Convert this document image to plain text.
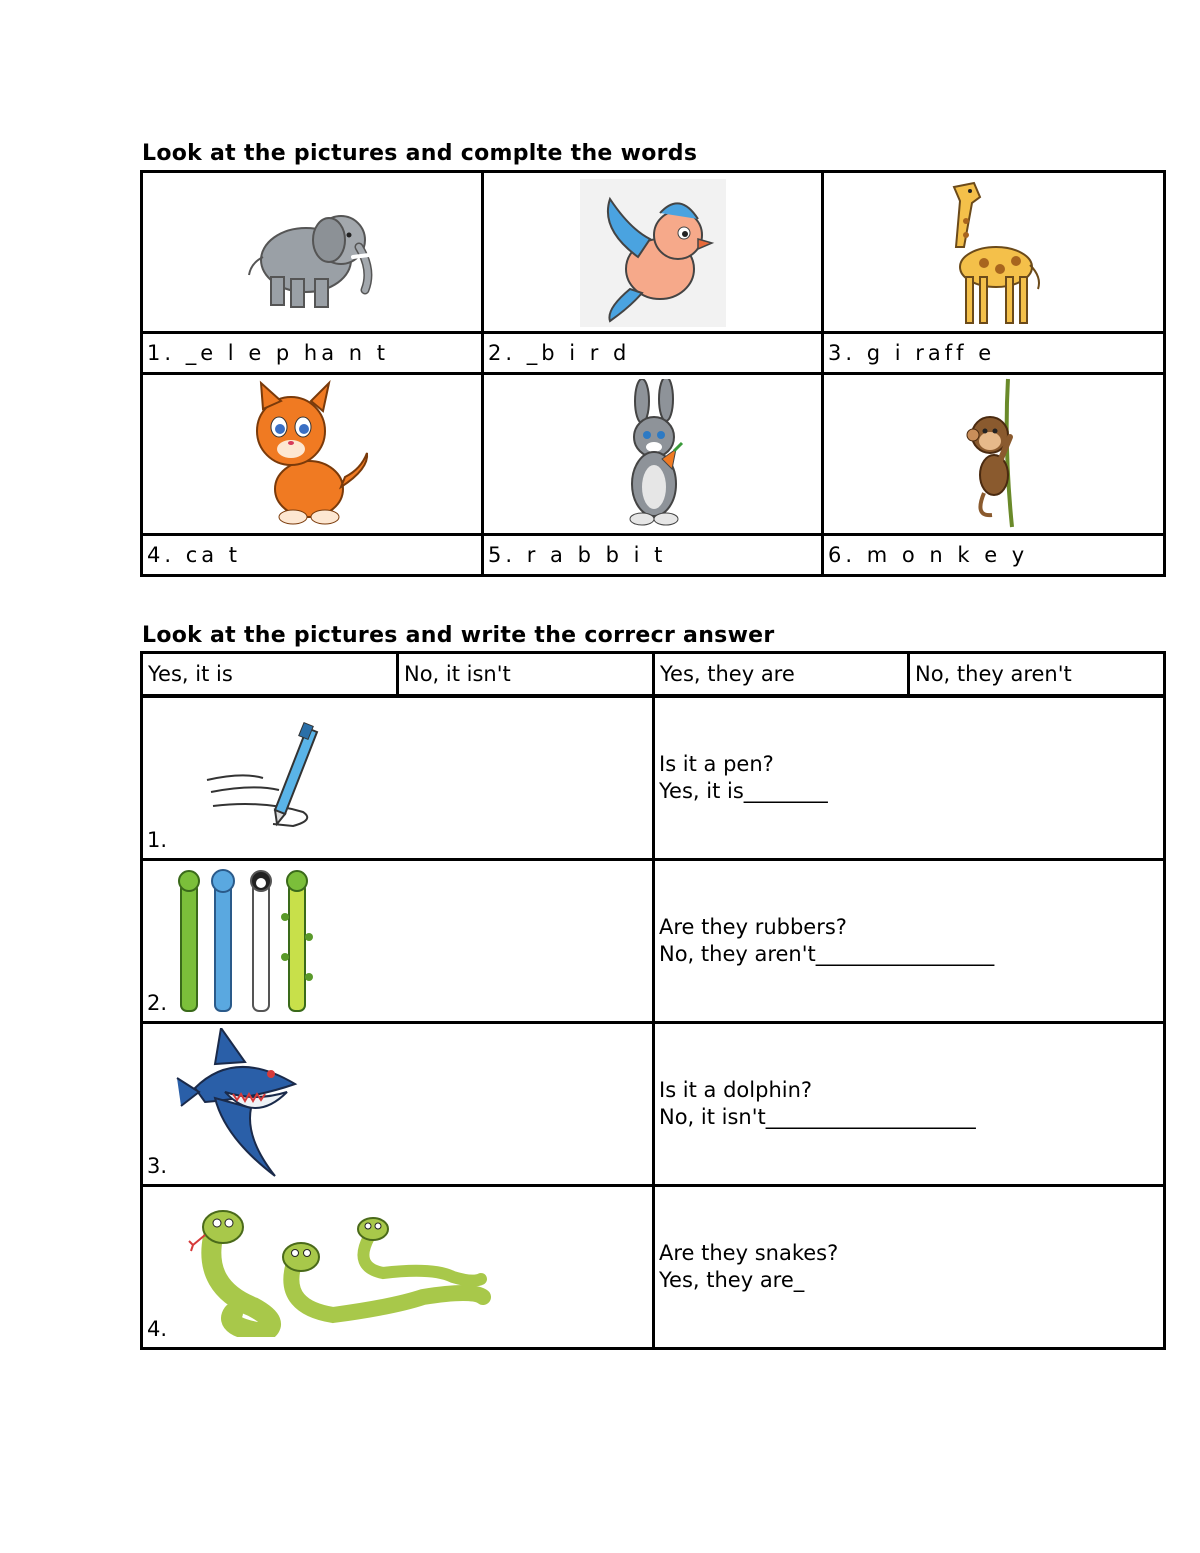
Look at the pictures and complte the words

1. _e l e p ha n t	2. _b i r d	3. g i raff e

4. ca t	5. r a b b i t	6. m o n k e y
Look at the pictures and write the correcr answer
Yes, it is	No, it isn't	Yes, they are	No, they aren't
1.	Is it a pen?
Yes, it is________

2.	Are they rubbers?
No, they aren't_________________

3.	Is it a dolphin?
No, it isn't____________________

4.	Are they snakes?
Yes, they are_
